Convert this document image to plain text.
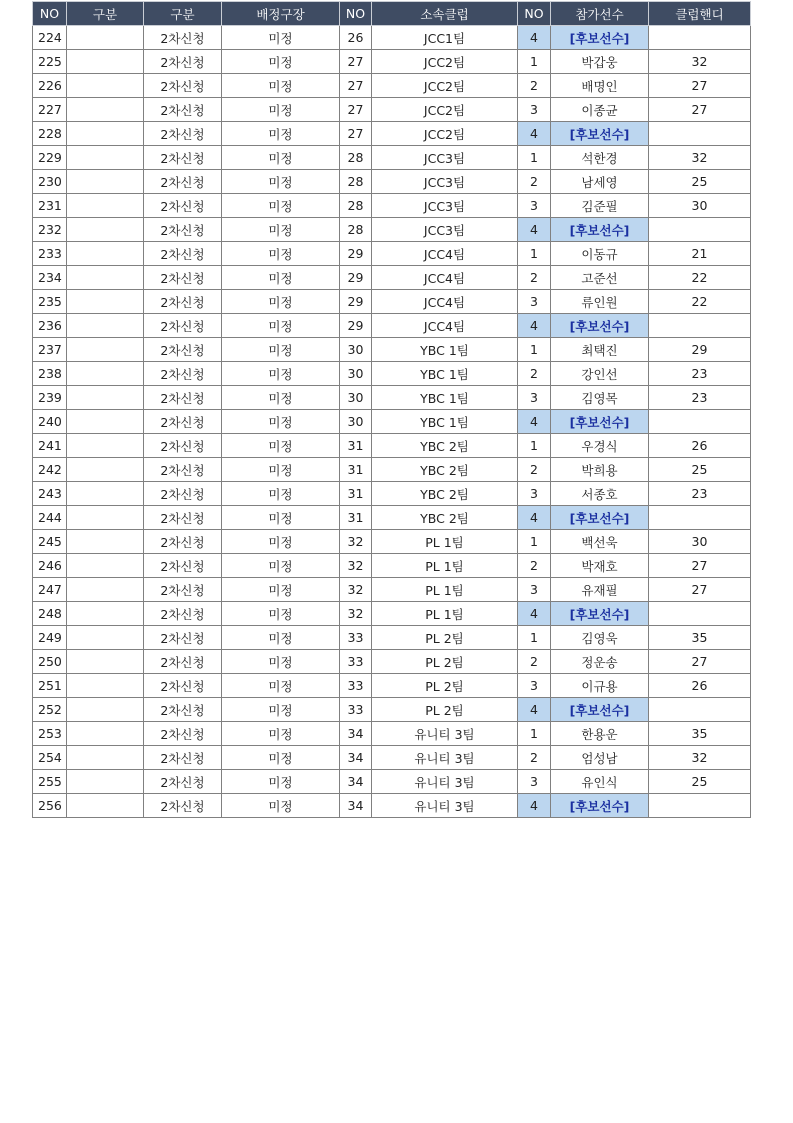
NO	구분	구분	배정구장	NO	소속클럽	NO	참가선수	클럽핸디
224		2차신청	미정	26	JCC1팀	4	[후보선수]	
225		2차신청	미정	27	JCC2팀	1	박갑웅	32
226		2차신청	미정	27	JCC2팀	2	배명인	27
227		2차신청	미정	27	JCC2팀	3	이종균	27
228		2차신청	미정	27	JCC2팀	4	[후보선수]	
229		2차신청	미정	28	JCC3팀	1	석한경	32
230		2차신청	미정	28	JCC3팀	2	남세영	25
231		2차신청	미정	28	JCC3팀	3	김준필	30
232		2차신청	미정	28	JCC3팀	4	[후보선수]	
233		2차신청	미정	29	JCC4팀	1	이동규	21
234		2차신청	미정	29	JCC4팀	2	고준선	22
235		2차신청	미정	29	JCC4팀	3	류인원	22
236		2차신청	미정	29	JCC4팀	4	[후보선수]	
237		2차신청	미정	30	YBC 1팀	1	최택진	29
238		2차신청	미정	30	YBC 1팀	2	강인선	23
239		2차신청	미정	30	YBC 1팀	3	김영목	23
240		2차신청	미정	30	YBC 1팀	4	[후보선수]	
241		2차신청	미정	31	YBC 2팀	1	우경식	26
242		2차신청	미정	31	YBC 2팀	2	박희용	25
243		2차신청	미정	31	YBC 2팀	3	서종호	23
244		2차신청	미정	31	YBC 2팀	4	[후보선수]	
245		2차신청	미정	32	PL 1팀	1	백선욱	30
246		2차신청	미정	32	PL 1팀	2	박재호	27
247		2차신청	미정	32	PL 1팀	3	유재필	27
248		2차신청	미정	32	PL 1팀	4	[후보선수]	
249		2차신청	미정	33	PL 2팀	1	김영욱	35
250		2차신청	미정	33	PL 2팀	2	정운송	27
251		2차신청	미정	33	PL 2팀	3	이규용	26
252		2차신청	미정	33	PL 2팀	4	[후보선수]	
253		2차신청	미정	34	유니티 3팀	1	한용운	35
254		2차신청	미정	34	유니티 3팀	2	엄성남	32
255		2차신청	미정	34	유니티 3팀	3	유인식	25
256		2차신청	미정	34	유니티 3팀	4	[후보선수]	
